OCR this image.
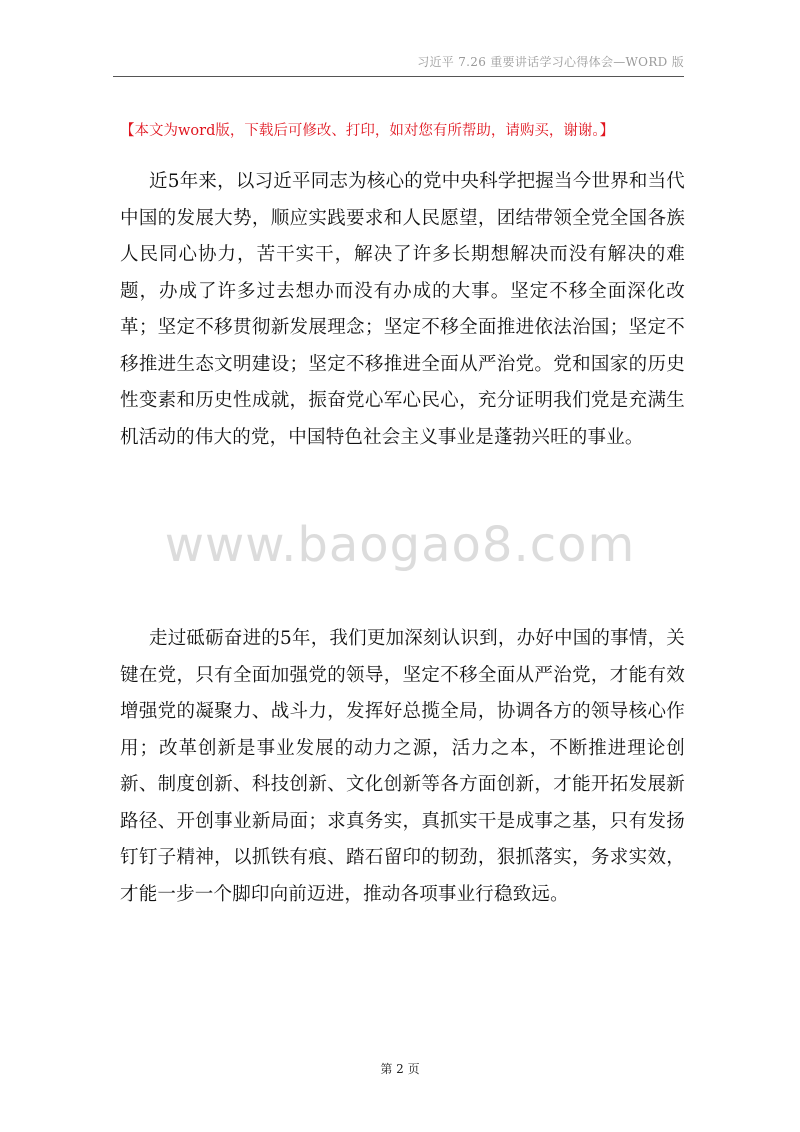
习近平 7.26 重要讲话学习心得体会—WORD 版
【本文为word版，下载后可修改、打印，如对您有所帮助，请购买，谢谢。】

近5年来，以习近平同志为核心的党中央科学把握当今世界和当代中国的发展大势，顺应实践要求和人民愿望，团结带领全党全国各族人民同心协力，苦干实干，解决了许多长期想解决而没有解决的难题，办成了许多过去想办而没有办成的大事。坚定不移全面深化改革；坚定不移贯彻新发展理念；坚定不移全面推进依法治国；坚定不移推进生态文明建设；坚定不移推进全面从严治党。党和国家的历史性变素和历史性成就，振奋党心军心民心，充分证明我们党是充满生机活动的伟大的党，中国特色社会主义事业是蓬勃兴旺的事业。

www.baogao8.com

走过砥砺奋进的5年，我们更加深刻认识到，办好中国的事情，关键在党，只有全面加强党的领导，坚定不移全面从严治党，才能有效增强党的凝聚力、战斗力，发挥好总揽全局，协调各方的领导核心作用；改革创新是事业发展的动力之源，活力之本，不断推进理论创新、制度创新、科技创新、文化创新等各方面创新，才能开拓发展新路径、开创事业新局面；求真务实，真抓实干是成事之基，只有发扬钉钉子精神，以抓铁有痕、踏石留印的韧劲，狠抓落实，务求实效，才能一步一个脚印向前迈进，推动各项事业行稳致远。

第 2 页
